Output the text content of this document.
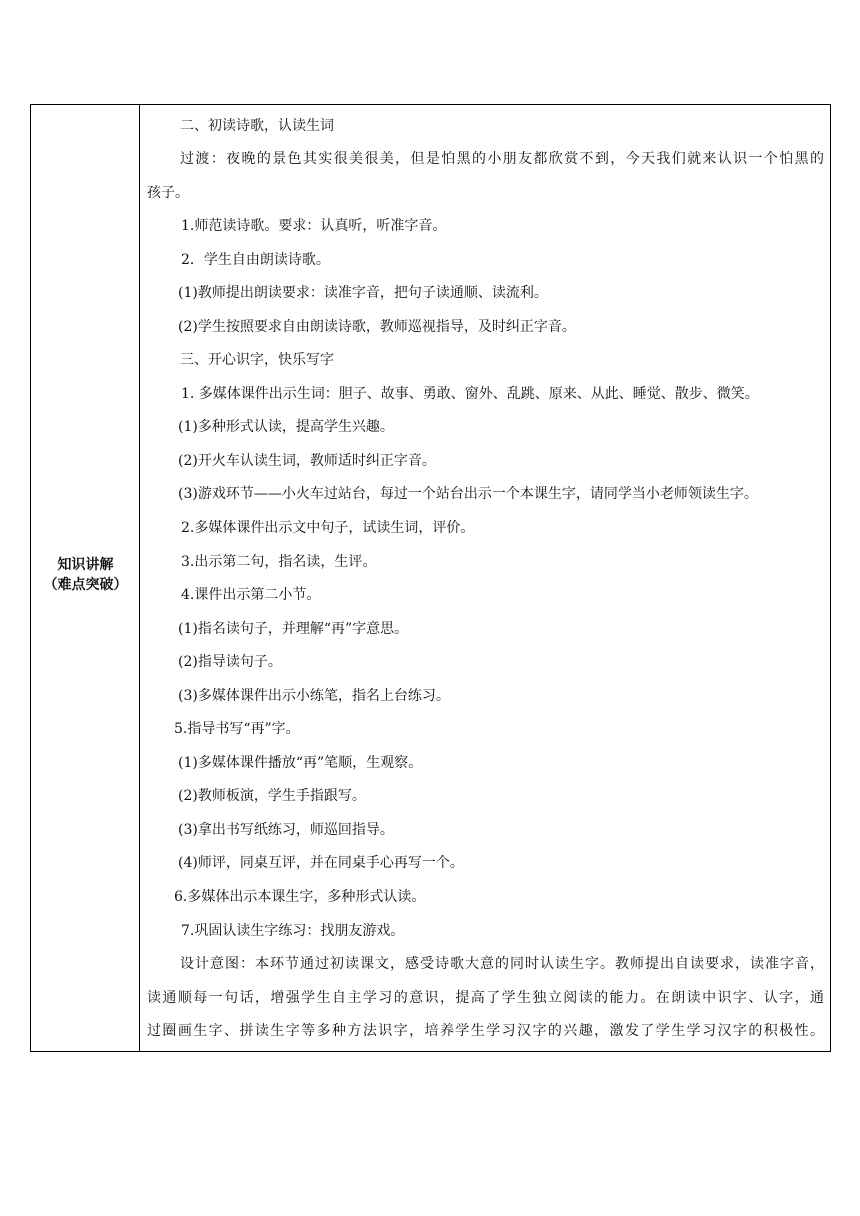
知识讲解
（难点突破）
二、初读诗歌，认读生词
过渡：夜晚的景色其实很美很美，但是怕黑的小朋友都欣赏不到，今天我们就来认识一个怕黑的
孩子。
1.师范读诗歌。要求：认真听，听准字音。
2．学生自由朗读诗歌。
(1)教师提出朗读要求：读准字音，把句子读通顺、读流利。
(2)学生按照要求自由朗读诗歌，教师巡视指导，及时纠正字音。
三、开心识字，快乐写字
1. 多媒体课件出示生词：胆子、故事、勇敢、窗外、乱跳、原来、从此、睡觉、散步、微笑。
(1)多种形式认读，提高学生兴趣。
(2)开火车认读生词，教师适时纠正字音。
(3)游戏环节——小火车过站台，每过一个站台出示一个本课生字，请同学当小老师领读生字。
2.多媒体课件出示文中句子，试读生词，评价。
3.出示第二句，指名读，生评。
4.课件出示第二小节。
(1)指名读句子，并理解“再”字意思。
(2)指导读句子。
(3)多媒体课件出示小练笔，指名上台练习。
5.指导书写“再”字。
(1)多媒体课件播放“再”笔顺，生观察。
(2)教师板演，学生手指跟写。
(3)拿出书写纸练习，师巡回指导。
(4)师评，同桌互评，并在同桌手心再写一个。
6.多媒体出示本课生字，多种形式认读。
7.巩固认读生字练习：找朋友游戏。
设计意图：本环节通过初读课文，感受诗歌大意的同时认读生字。教师提出自读要求，读准字音，
读通顺每一句话，增强学生自主学习的意识，提高了学生独立阅读的能力。在朗读中识字、认字，通
过圈画生字、拼读生字等多种方法识字，培养学生学习汉字的兴趣，激发了学生学习汉字的积极性。
